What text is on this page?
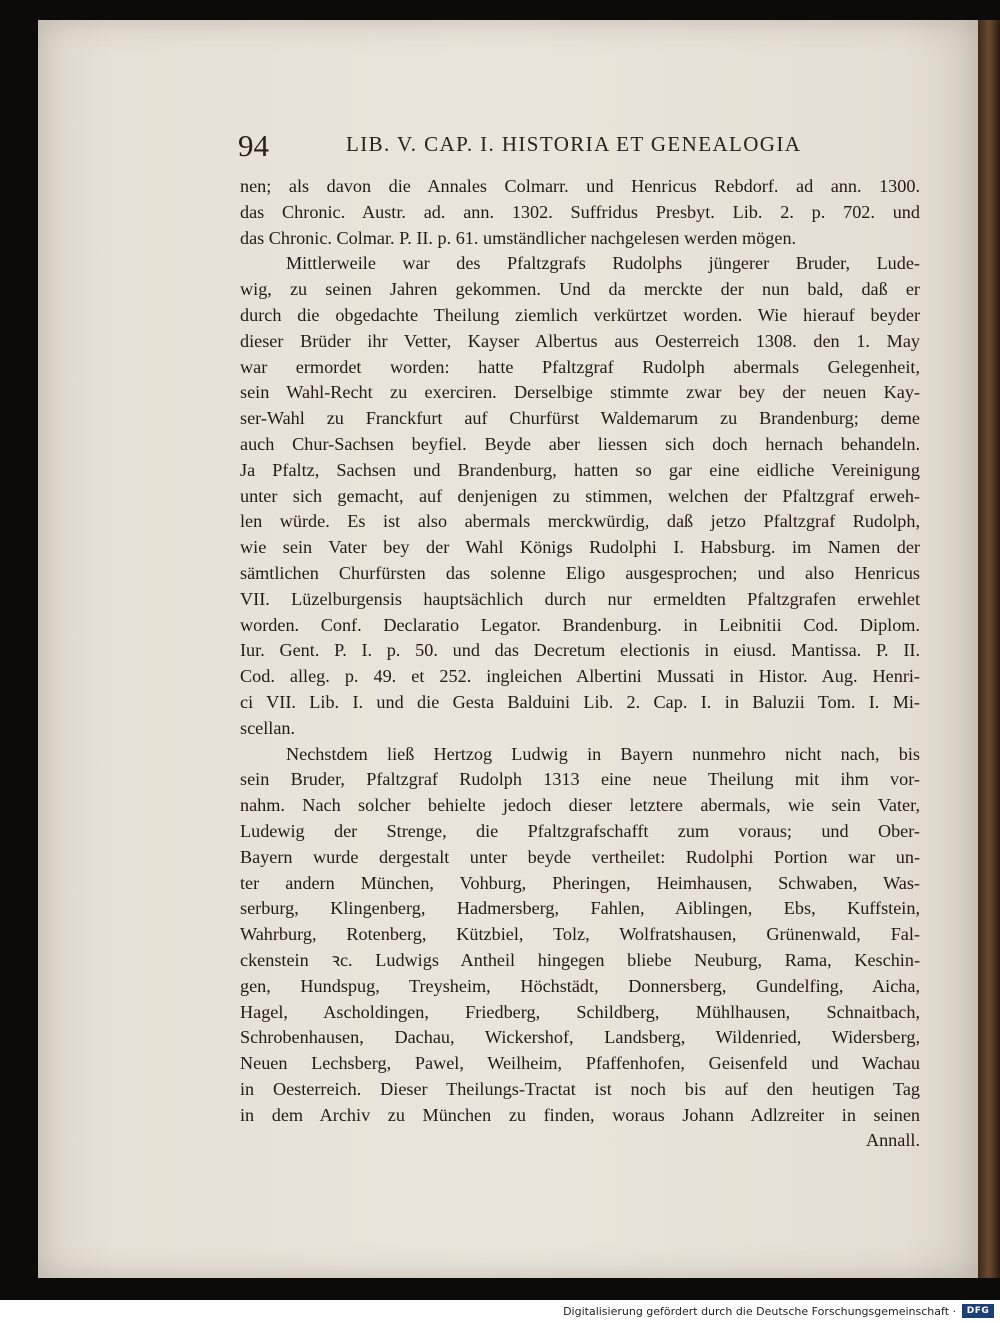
94	LIB. V. CAP. I. HISTORIA ET GENEALOGIA
nen; als davon die Annales Colmarr. und Henricus Rebdorf. ad ann. 1300.
das Chronic. Austr. ad. ann. 1302. Suffridus Presbyt. Lib. 2. p. 702. und
das Chronic. Colmar. P. II. p. 61. umständlicher nachgelesen werden mögen.
Mittlerweile war des Pfaltzgrafs Rudolphs jüngerer Bruder, Lude-
wig, zu seinen Jahren gekommen. Und da merckte der nun bald, daß er
durch die obgedachte Theilung ziemlich verkürtzet worden. Wie hierauf beyder
dieser Brüder ihr Vetter, Kayser Albertus aus Oesterreich 1308. den 1. May
war ermordet worden: hatte Pfaltzgraf Rudolph abermals Gelegenheit,
sein Wahl-Recht zu exerciren. Derselbige stimmte zwar bey der neuen Kay-
ser-Wahl zu Franckfurt auf Churfürst Waldemarum zu Brandenburg; deme
auch Chur-Sachsen beyfiel. Beyde aber liessen sich doch hernach behandeln.
Ja Pfaltz, Sachsen und Brandenburg, hatten so gar eine eidliche Vereinigung
unter sich gemacht, auf denjenigen zu stimmen, welchen der Pfaltzgraf erweh-
len würde. Es ist also abermals merckwürdig, daß jetzo Pfaltzgraf Rudolph,
wie sein Vater bey der Wahl Königs Rudolphi I. Habsburg. im Namen der
sämtlichen Churfürsten das solenne Eligo ausgesprochen; und also Henricus
VII. Lüzelburgensis hauptsächlich durch nur ermeldten Pfaltzgrafen erwehlet
worden. Conf. Declaratio Legator. Brandenburg. in Leibnitii Cod. Diplom.
Iur. Gent. P. I. p. 50. und das Decretum electionis in eiusd. Mantissa. P. II.
Cod. alleg. p. 49. et 252. ingleichen Albertini Mussati in Histor. Aug. Henri-
ci VII. Lib. I. und die Gesta Balduini Lib. 2. Cap. I. in Baluzii Tom. I. Mi-
scellan.
Nechstdem ließ Hertzog Ludwig in Bayern nunmehro nicht nach, bis
sein Bruder, Pfaltzgraf Rudolph 1313 eine neue Theilung mit ihm vor-
nahm. Nach solcher behielte jedoch dieser letztere abermals, wie sein Vater,
Ludewig der Strenge, die Pfaltzgrafschafft zum voraus; und Ober-
Bayern wurde dergestalt unter beyde vertheilet: Rudolphi Portion war un-
ter andern München, Vohburg, Pheringen, Heimhausen, Schwaben, Was-
serburg, Klingenberg, Hadmersberg, Fahlen, Aiblingen, Ebs, Kuffstein,
Wahrburg, Rotenberg, Kützbiel, Tolz, Wolfratshausen, Grünenwald, Fal-
ckenstein ꝛc. Ludwigs Antheil hingegen bliebe Neuburg, Rama, Keschin-
gen, Hundspug, Treysheim, Höchstädt, Donnersberg, Gundelfing, Aicha,
Hagel, Ascholdingen, Friedberg, Schildberg, Mühlhausen, Schnaitbach,
Schrobenhausen, Dachau, Wickershof, Landsberg, Wildenried, Widersberg,
Neuen Lechsberg, Pawel, Weilheim, Pfaffenhofen, Geisenfeld und Wachau
in Oesterreich. Dieser Theilungs-Tractat ist noch bis auf den heutigen Tag
in dem Archiv zu München zu finden, woraus Johann Adlzreiter in seinen
Annall.
Digitalisierung gefördert durch die Deutsche Forschungsgemeinschaft ·	DFG
